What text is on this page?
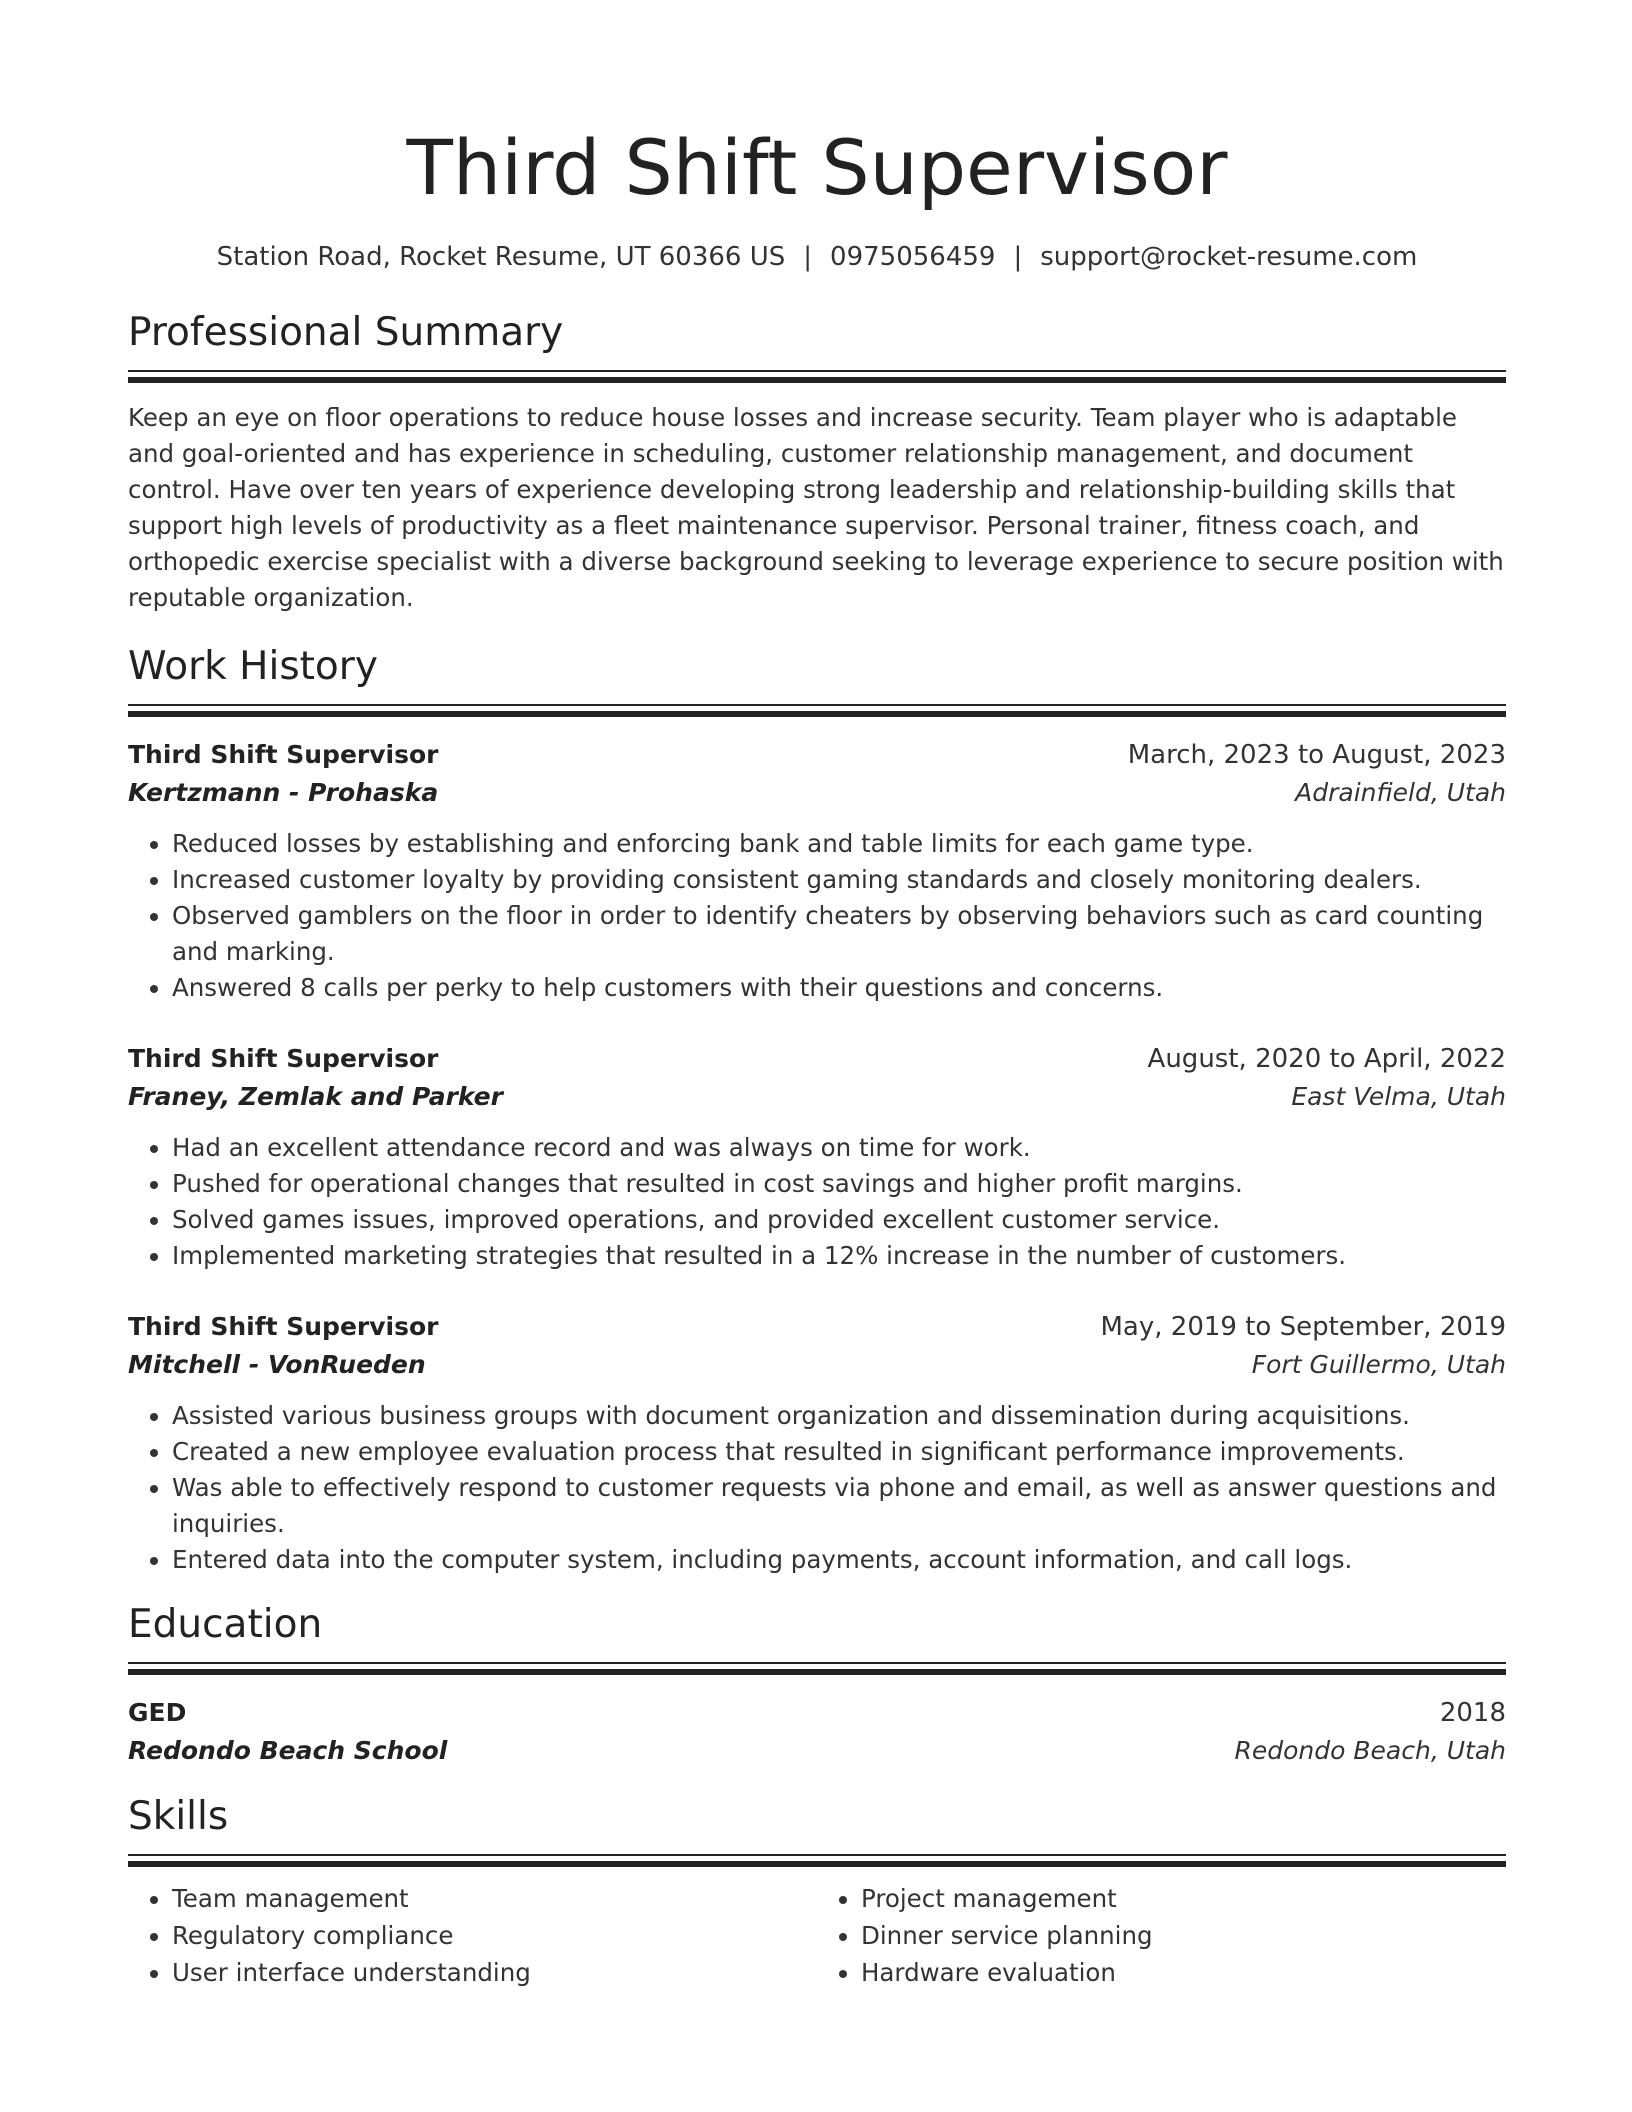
Third Shift Supervisor
Station Road, Rocket Resume, UT 60366 US | 0975056459 | support@rocket-resume.com
Professional Summary
Keep an eye on floor operations to reduce house losses and increase security. Team player who is adaptable and goal-oriented and has experience in scheduling, customer relationship management, and document control. Have over ten years of experience developing strong leadership and relationship-building skills that support high levels of productivity as a fleet maintenance supervisor. Personal trainer, fitness coach, and orthopedic exercise specialist with a diverse background seeking to leverage experience to secure position with reputable organization.
Work History
Third Shift Supervisor	March, 2023 to August, 2023
Kertzmann - Prohaska	Adrainfield, Utah
• Reduced losses by establishing and enforcing bank and table limits for each game type.
• Increased customer loyalty by providing consistent gaming standards and closely monitoring dealers.
• Observed gamblers on the floor in order to identify cheaters by observing behaviors such as card counting and marking.
• Answered 8 calls per perky to help customers with their questions and concerns.
Third Shift Supervisor	August, 2020 to April, 2022
Franey, Zemlak and Parker	East Velma, Utah
• Had an excellent attendance record and was always on time for work.
• Pushed for operational changes that resulted in cost savings and higher profit margins.
• Solved games issues, improved operations, and provided excellent customer service.
• Implemented marketing strategies that resulted in a 12% increase in the number of customers.
Third Shift Supervisor	May, 2019 to September, 2019
Mitchell - VonRueden	Fort Guillermo, Utah
• Assisted various business groups with document organization and dissemination during acquisitions.
• Created a new employee evaluation process that resulted in significant performance improvements.
• Was able to effectively respond to customer requests via phone and email, as well as answer questions and inquiries.
• Entered data into the computer system, including payments, account information, and call logs.
Education
GED	2018
Redondo Beach School	Redondo Beach, Utah
Skills
• Team management
• Regulatory compliance
• User interface understanding
• Project management
• Dinner service planning
• Hardware evaluation
